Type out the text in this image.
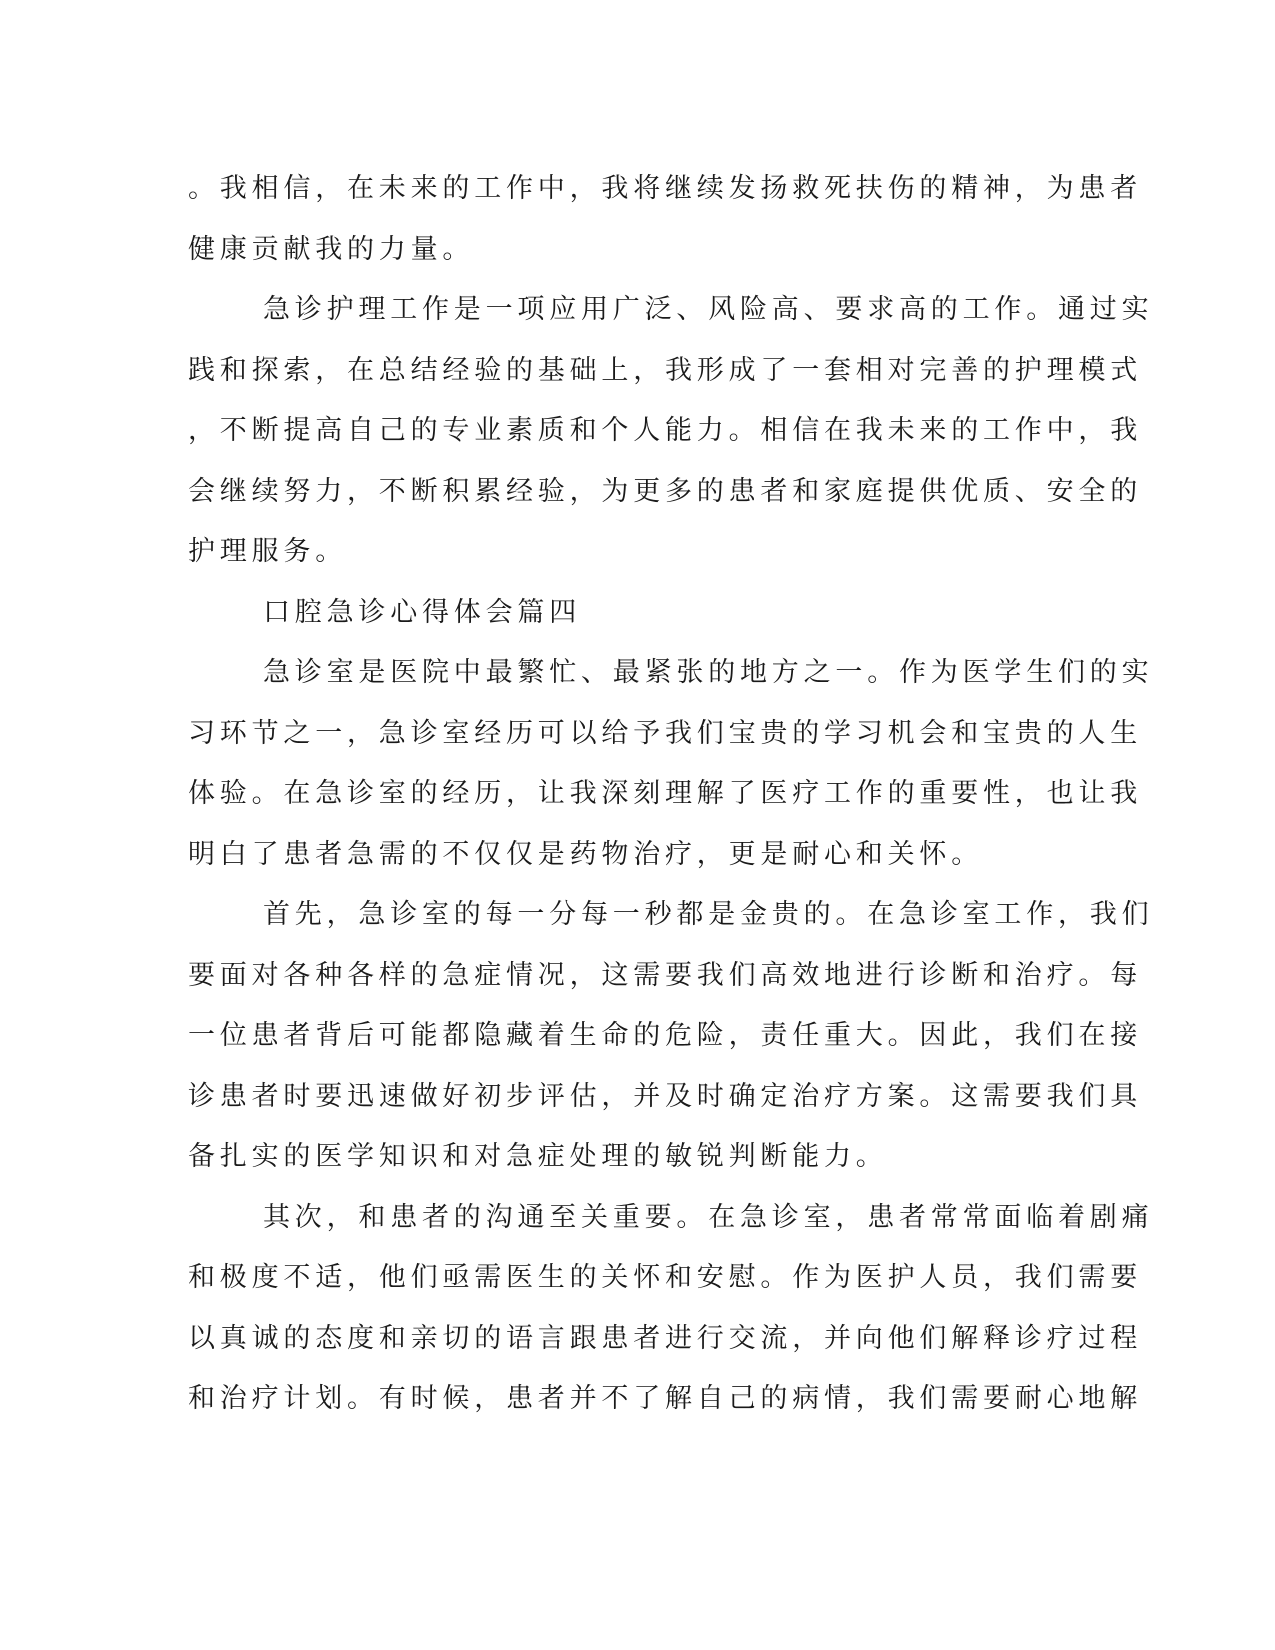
。我相信，在未来的工作中，我将继续发扬救死扶伤的精神，为患者
健康贡献我的力量。
急诊护理工作是一项应用广泛、风险高、要求高的工作。通过实
践和探索，在总结经验的基础上，我形成了一套相对完善的护理模式
，不断提高自己的专业素质和个人能力。相信在我未来的工作中，我
会继续努力，不断积累经验，为更多的患者和家庭提供优质、安全的
护理服务。
口腔急诊心得体会篇四
急诊室是医院中最繁忙、最紧张的地方之一。作为医学生们的实
习环节之一，急诊室经历可以给予我们宝贵的学习机会和宝贵的人生
体验。在急诊室的经历，让我深刻理解了医疗工作的重要性，也让我
明白了患者急需的不仅仅是药物治疗，更是耐心和关怀。
首先，急诊室的每一分每一秒都是金贵的。在急诊室工作，我们
要面对各种各样的急症情况，这需要我们高效地进行诊断和治疗。每
一位患者背后可能都隐藏着生命的危险，责任重大。因此，我们在接
诊患者时要迅速做好初步评估，并及时确定治疗方案。这需要我们具
备扎实的医学知识和对急症处理的敏锐判断能力。
其次，和患者的沟通至关重要。在急诊室，患者常常面临着剧痛
和极度不适，他们亟需医生的关怀和安慰。作为医护人员，我们需要
以真诚的态度和亲切的语言跟患者进行交流，并向他们解释诊疗过程
和治疗计划。有时候，患者并不了解自己的病情，我们需要耐心地解
